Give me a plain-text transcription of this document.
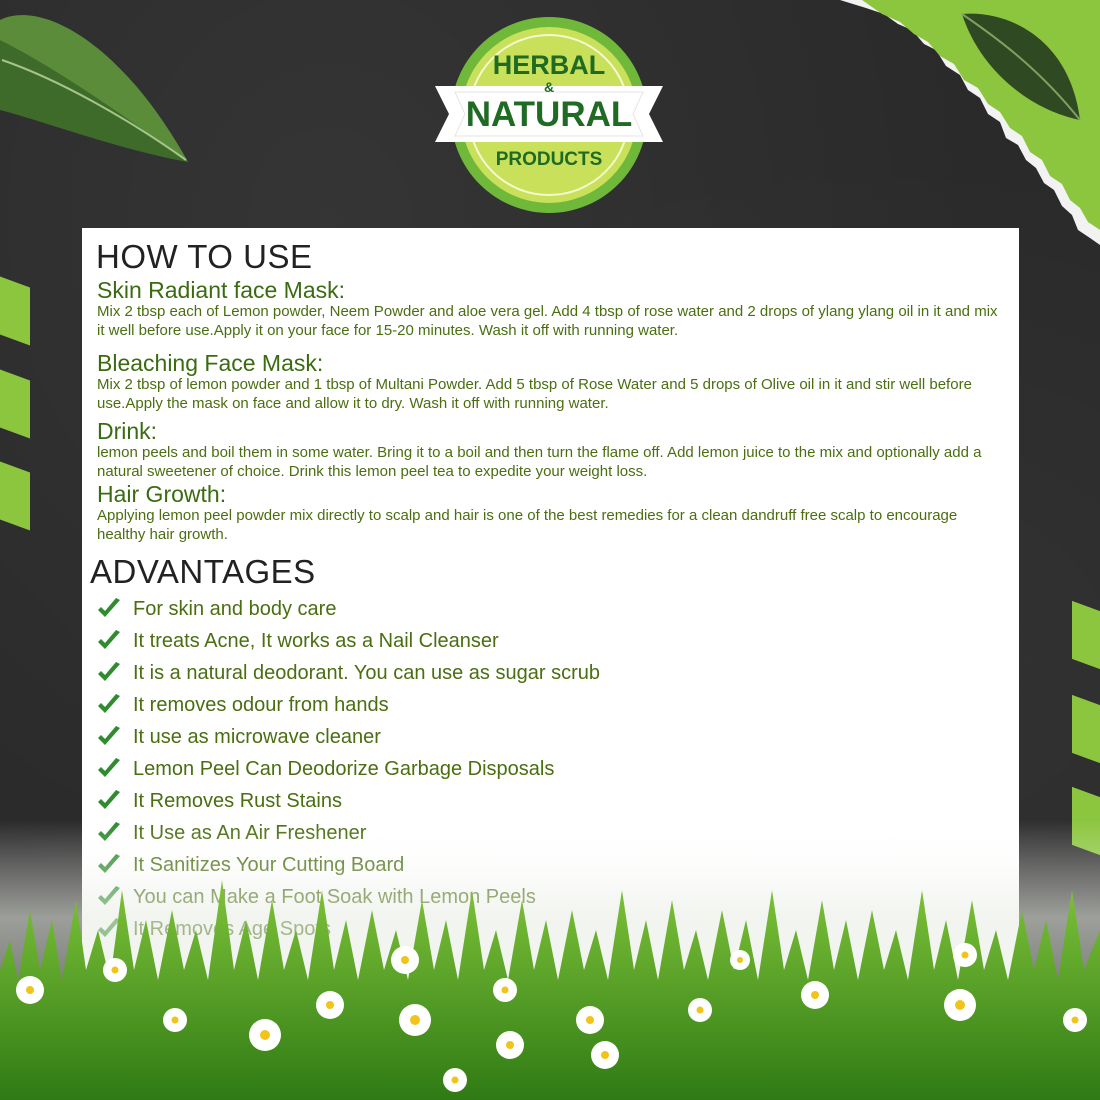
HERBAL
&
NATURAL
PRODUCTS
HOW TO USE
Skin Radiant face Mask:
Mix 2 tbsp each of Lemon powder, Neem Powder and aloe vera gel. Add 4 tbsp of rose water and 2 drops of ylang ylang oil in it and mix it well before use.Apply it on your face for 15-20 minutes. Wash it off with running water.
Bleaching Face Mask:
Mix 2 tbsp of lemon powder and 1 tbsp of Multani Powder. Add 5 tbsp of Rose Water and 5 drops of Olive oil in it and stir well before use.Apply the mask on face and allow it to dry. Wash it off with running water.
Drink:
lemon peels and boil them in some water. Bring it to a boil and then turn the flame off. Add lemon juice to the mix and optionally add a natural sweetener of choice. Drink this lemon peel tea to expedite your weight loss.
Hair Growth:
Applying lemon peel powder mix directly to scalp and hair is one of the best remedies for a clean dandruff free scalp to encourage healthy hair growth.
ADVANTAGES
For skin and body care
It treats Acne, It works as a Nail Cleanser
It is a natural deodorant. You can use as sugar scrub
It removes odour from hands
It use as microwave cleaner
Lemon Peel Can Deodorize Garbage Disposals
It Removes Rust Stains
